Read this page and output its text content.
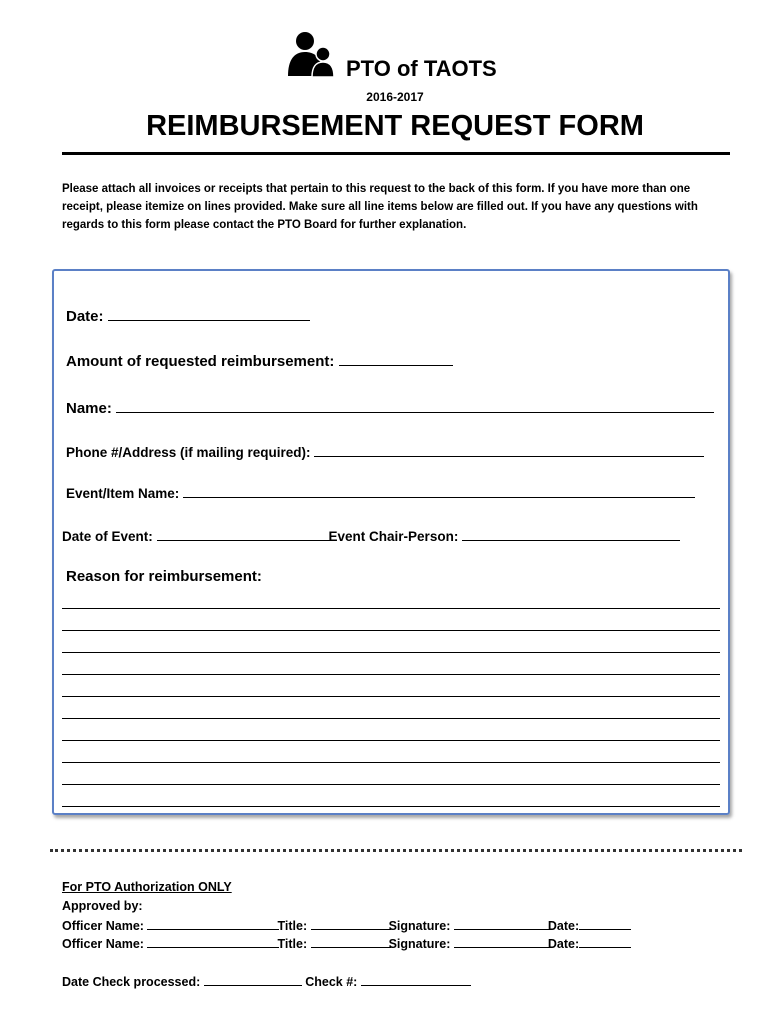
PTO of TAOTS
2016-2017
REIMBURSEMENT REQUEST FORM
Please attach all invoices or receipts that pertain to this request to the back of this form. If you have more than one receipt, please itemize on lines provided. Make sure all line items below are filled out. If you have any questions with regards to this form please contact the PTO Board for further explanation.
Date:
Amount of requested reimbursement:
Name:
Phone #/Address (if mailing required):
Event/Item Name:
Date of Event:	Event Chair-Person:
Reason for reimbursement:
For PTO Authorization ONLY
Approved by:
Officer Name:	Title:	Signature:	Date:
Officer Name:	Title:	Signature:	Date:
Date Check processed:	Check #:
